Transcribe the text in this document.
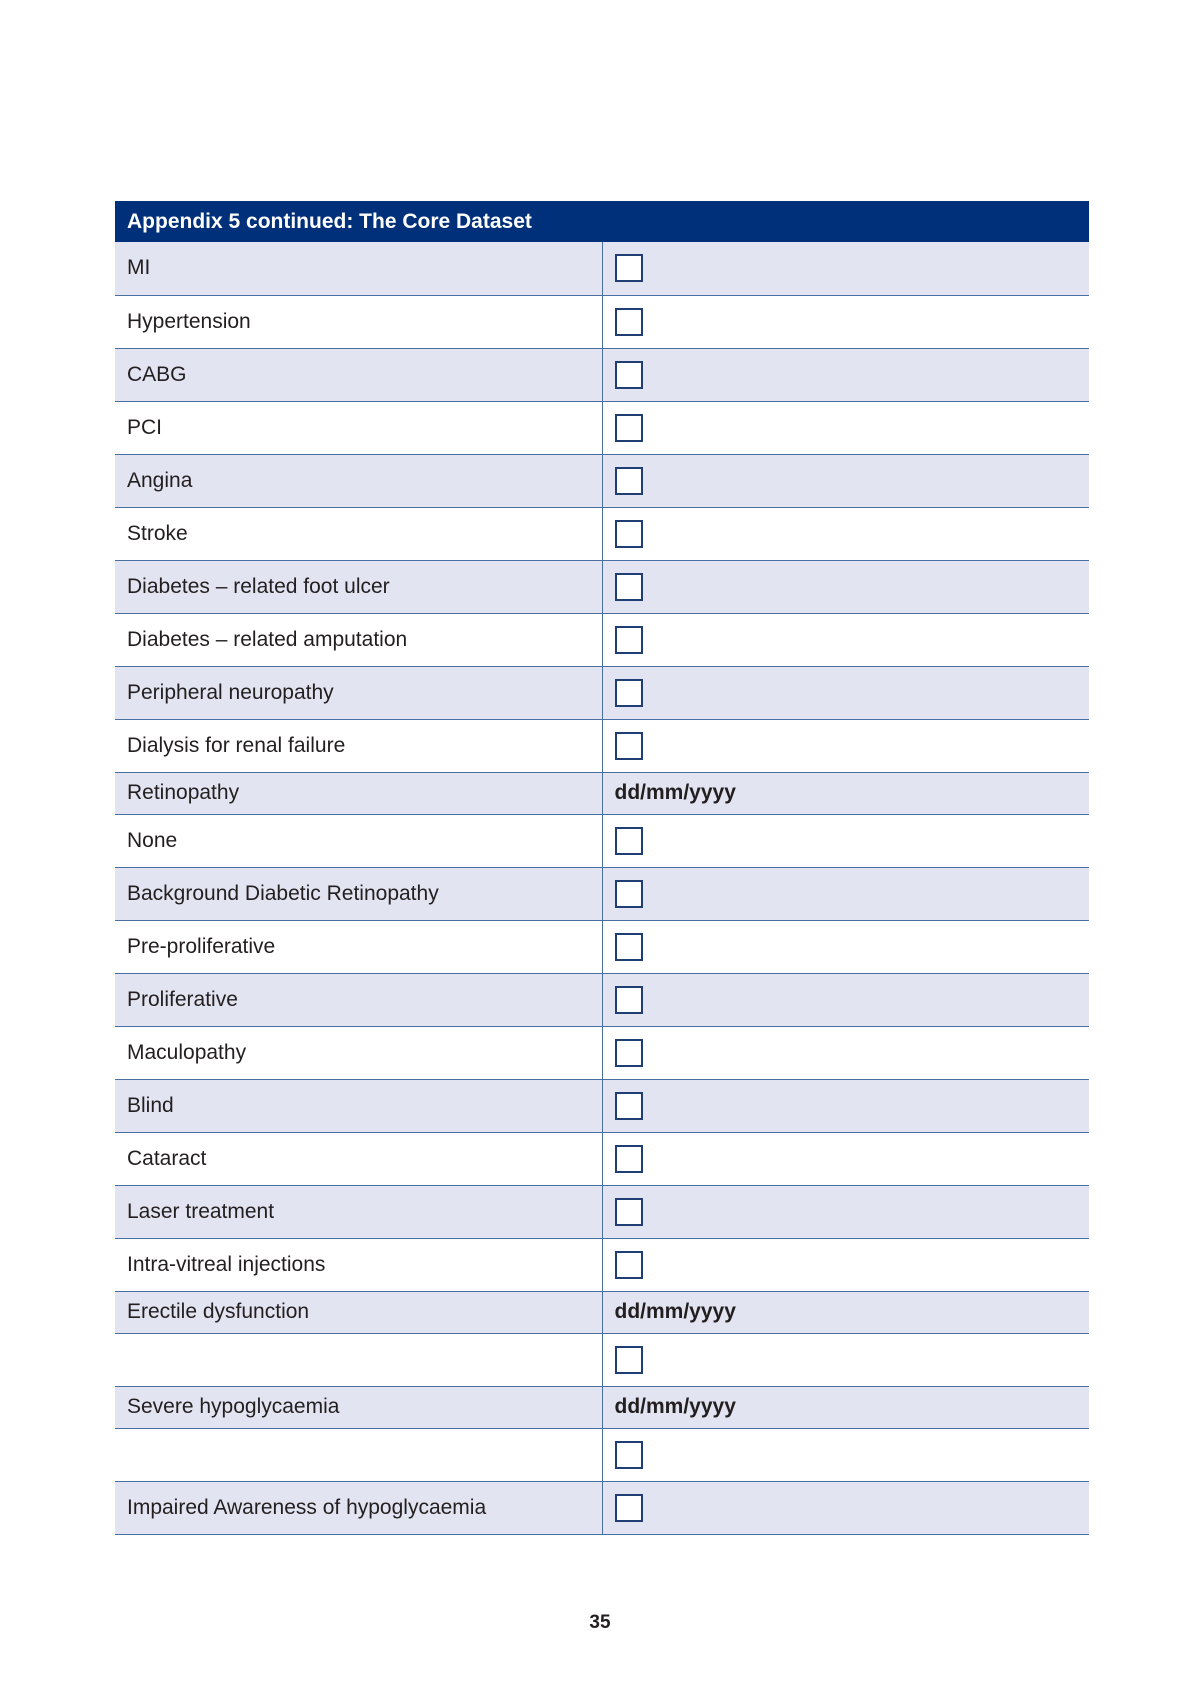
Appendix 5 continued: The Core Dataset	
MI	
Hypertension	
CABG	
PCI	
Angina	
Stroke	
Diabetes – related foot ulcer	
Diabetes – related amputation	
Peripheral neuropathy	
Dialysis for renal failure	
Retinopathy	dd/mm/yyyy
None	
Background Diabetic Retinopathy	
Pre-proliferative	
Proliferative	
Maculopathy	
Blind	
Cataract	
Laser treatment	
Intra-vitreal injections	
Erectile dysfunction	dd/mm/yyyy

Severe hypoglycaemia	dd/mm/yyyy

Impaired Awareness of hypoglycaemia	
35
